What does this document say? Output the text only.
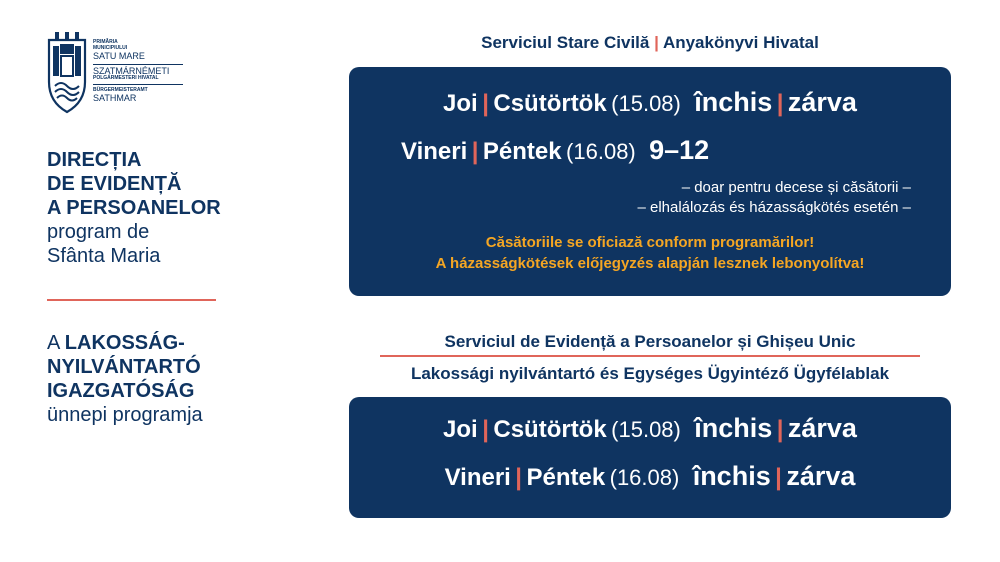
PRIMĂRIA
MUNICIPIULUI
SATU MARE
SZATMÁRNÉMETI
POLGÁRMESTERI HIVATAL
BÜRGERMEISTERAMT
SATHMAR
DIRECȚIA
DE EVIDENȚĂ
A PERSOANELOR
program de
Sfânta Maria
A LAKOSSÁG-
NYILVÁNTARTÓ
IGAZGATÓSÁG
ünnepi programja
Serviciul Stare Civilă | Anyakönyvi Hivatal
Joi | Csütörtök (15.08) închis | zárva
Vineri | Péntek (16.08) 9–12
– doar pentru decese și căsătorii –
– elhalálozás és házasságkötés esetén –
Căsătoriile se oficiază conform programărilor!
A házasságkötések előjegyzés alapján lesznek lebonyolítva!
Serviciul de Evidență a Persoanelor și Ghișeu Unic
Lakossági nyilvántartó és Egységes Ügyintéző Ügyfélablak
Joi | Csütörtök (15.08) închis | zárva
Vineri | Péntek (16.08) închis | zárva
